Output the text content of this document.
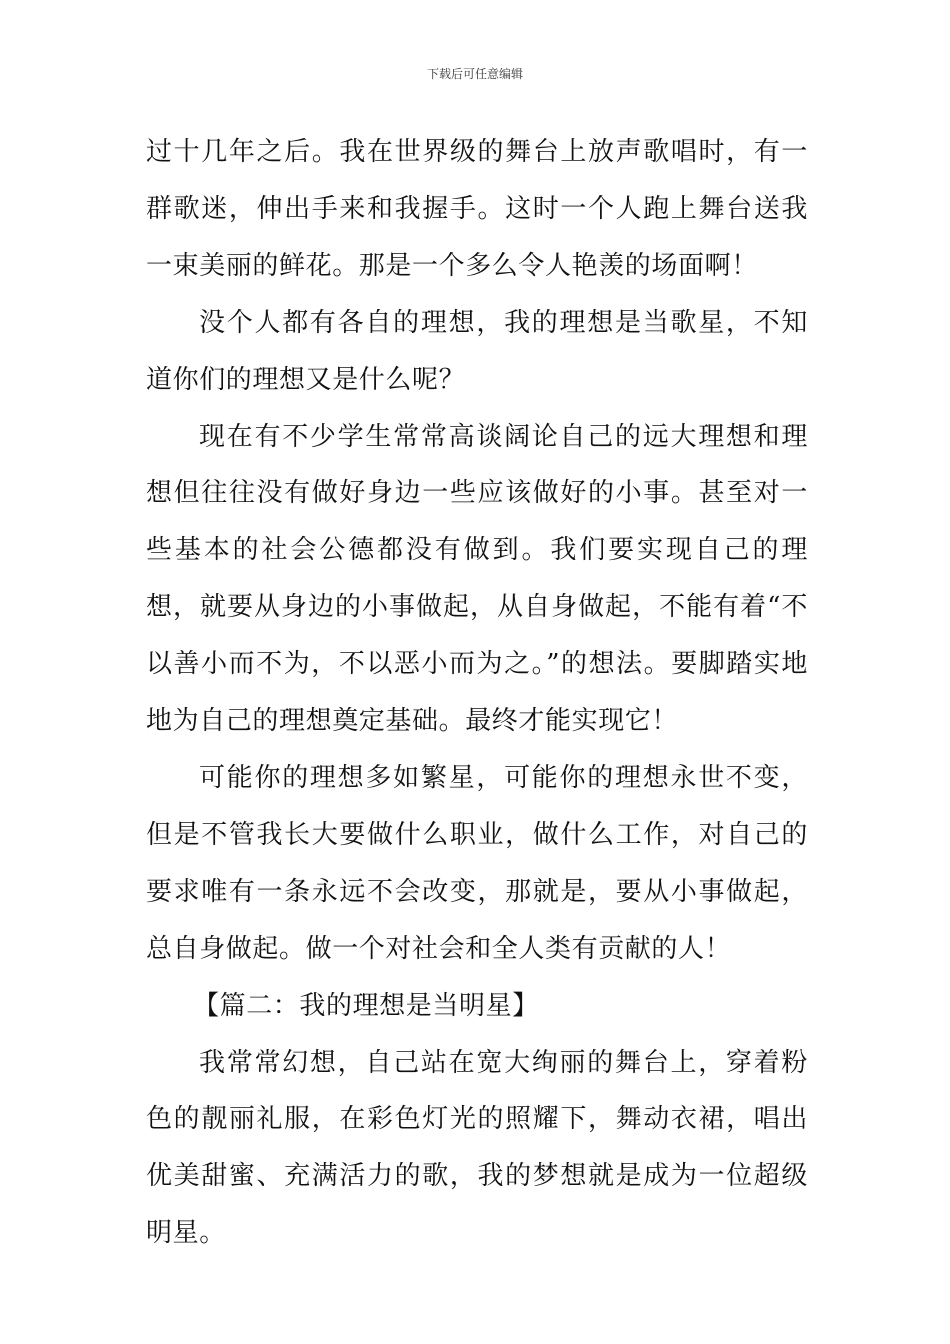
下载后可任意编辑

过十几年之后。我在世界级的舞台上放声歌唱时，有一群歌迷，伸出手来和我握手。这时一个人跑上舞台送我一束美丽的鲜花。那是一个多么令人艳羡的场面啊！

没个人都有各自的理想，我的理想是当歌星，不知道你们的理想又是什么呢？

现在有不少学生常常高谈阔论自己的远大理想和理想但往往没有做好身边一些应该做好的小事。甚至对一些基本的社会公德都没有做到。我们要实现自己的理想，就要从身边的小事做起，从自身做起，不能有着“不以善小而不为，不以恶小而为之。”的想法。要脚踏实地地为自己的理想奠定基础。最终才能实现它！

可能你的理想多如繁星，可能你的理想永世不变，但是不管我长大要做什么职业，做什么工作，对自己的要求唯有一条永远不会改变，那就是，要从小事做起，总自身做起。做一个对社会和全人类有贡献的人！

【篇二：我的理想是当明星】

我常常幻想，自己站在宽大绚丽的舞台上，穿着粉色的靓丽礼服，在彩色灯光的照耀下，舞动衣裙，唱出优美甜蜜、充满活力的歌，我的梦想就是成为一位超级明星。
